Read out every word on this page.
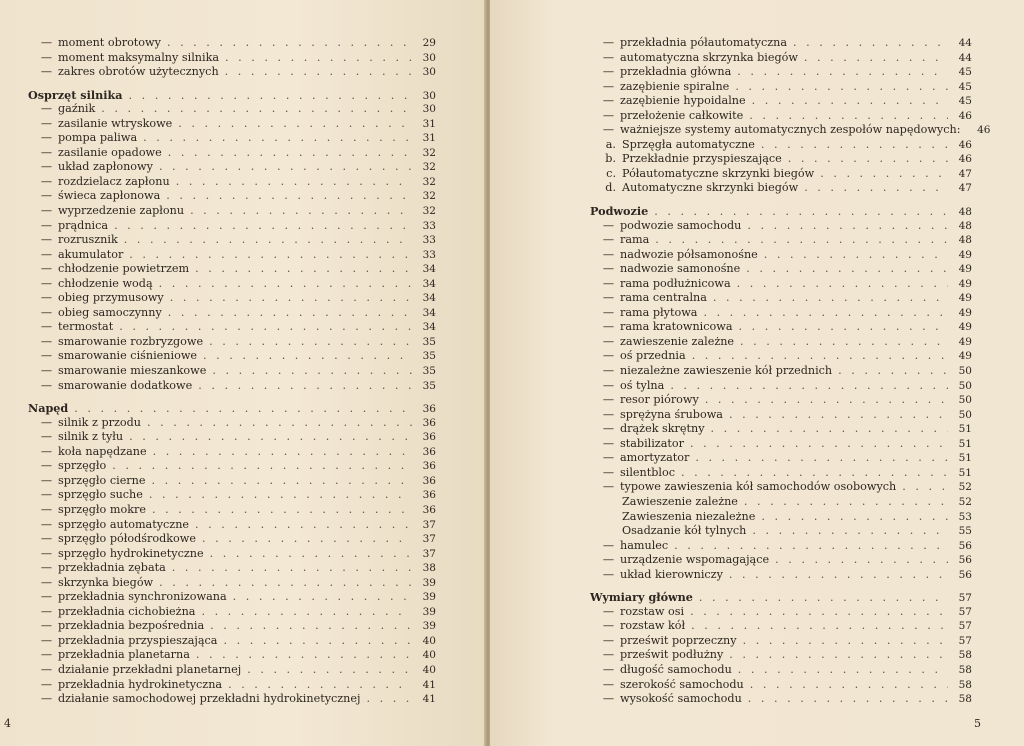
— moment obrotowy . . .	29
— moment maksymalny silnika . . .	30
— zakres obrotów użytecznych . . .	30
Osprzęt silnika . . .	30
— gaźnik . . .	30
— zasilanie wtryskowe . . .	31
— pompa paliwa . . .	31
— zasilanie opadowe . . .	32
— układ zapłonowy . . .	32
— rozdzielacz zapłonu . . .	32
— świeca zapłonowa . . .	32
— wyprzedzenie zapłonu . . .	32
— prądnica . . .	33
— rozrusznik . . .	33
— akumulator . . .	33
— chłodzenie powietrzem . . .	34
— chłodzenie wodą . . .	34
— obieg przymusowy . . .	34
— obieg samoczynny . . .	34
— termostat . . .	34
— smarowanie rozbryzgowe . . .	35
— smarowanie ciśnieniowe . . .	35
— smarowanie mieszankowe . . .	35
— smarowanie dodatkowe . . .	35
Napęd . . .	36
— silnik z przodu . . .	36
— silnik z tyłu . . .	36
— koła napędzane . . .	36
— sprzęgło . . .	36
— sprzęgło cierne . . .	36
— sprzęgło suche . . .	36
— sprzęgło mokre . . .	36
— sprzęgło automatyczne . . .	37
— sprzęgło półodśrodkowe . . .	37
— sprzęgło hydrokinetyczne . . .	37
— przekładnia zębata . . .	38
— skrzynka biegów . . .	39
— przekładnia synchronizowana . . .	39
— przekładnia cichobieżna . . .	39
— przekładnia bezpośrednia . . .	39
— przekładnia przyspieszająca . . .	40
— przekładnia planetarna . . .	40
— działanie przekładni planetarnej . . .	40
— przekładnia hydrokinetyczna . . .	41
— działanie samochodowej przekładni hydrokinetycznej . . .	41
4
— przekładnia półautomatyczna . . .	44
— automatyczna skrzynka biegów . . .	44
— przekładnia główna . . .	45
— zazębienie spiralne . . .	45
— zazębienie hypoidalne . . .	45
— przełożenie całkowite . . .	46
— ważniejsze systemy automatycznych zespołów napędowych:	46
a. Sprzęgła automatyczne . . .	46
b. Przekładnie przyspieszające . . .	46
c. Półautomatyczne skrzynki biegów . . .	47
d. Automatyczne skrzynki biegów . . .	47
Podwozie . . .	48
— podwozie samochodu . . .	48
— rama . . .	48
— nadwozie półsamonośne . . .	49
— nadwozie samonośne . . .	49
— rama podłużnicowa . . .	49
— rama centralna . . .	49
— rama płytowa . . .	49
— rama kratownicowa . . .	49
— zawieszenie zależne . . .	49
— oś przednia . . .	49
— niezależne zawieszenie kół przednich . . .	50
— oś tylna . . .	50
— resor piórowy . . .	50
— sprężyna śrubowa . . .	50
— drążek skrętny . . .	51
— stabilizator . . .	51
— amortyzator . . .	51
— silentbloc . . .	51
— typowe zawieszenia kół samochodów osobowych . . .	52
Zawieszenie zależne . . .	52
Zawieszenia niezależne . . .	53
Osadzanie kół tylnych . . .	55
— hamulec . . .	56
— urządzenie wspomagające . . .	56
— układ kierowniczy . . .	56
Wymiary główne . . .	57
— rozstaw osi . . .	57
— rozstaw kół . . .	57
— prześwit poprzeczny . . .	57
— prześwit podłużny . . .	58
— długość samochodu . . .	58
— szerokość samochodu . . .	58
— wysokość samochodu . . .	58
5
